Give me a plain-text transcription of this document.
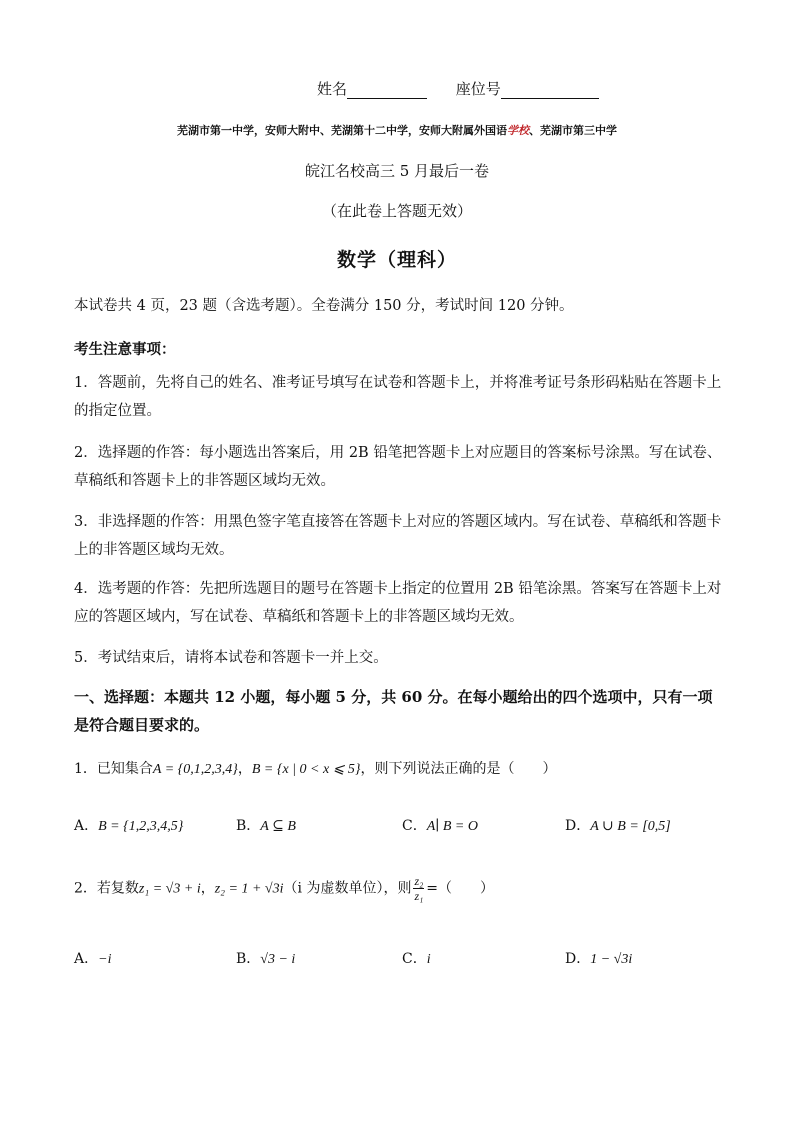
姓名	座位号
芜湖市第一中学，安师大附中、芜湖第十二中学，安师大附属外国语学校、芜湖市第三中学
皖江名校高三 5 月最后一卷
（在此卷上答题无效）
数学（理科）
本试卷共 4 页，23 题（含选考题）。全卷满分 150 分，考试时间 120 分钟。
考生注意事项：
1．答题前，先将自己的姓名、准考证号填写在试卷和答题卡上，并将准考证号条形码粘贴在答题卡上的指定位置。
2．选择题的作答：每小题选出答案后，用 2B 铅笔把答题卡上对应题目的答案标号涂黑。写在试卷、草稿纸和答题卡上的非答题区域均无效。
3．非选择题的作答：用黑色签字笔直接答在答题卡上对应的答题区域内。写在试卷、草稿纸和答题卡上的非答题区域均无效。
4．选考题的作答：先把所选题目的题号在答题卡上指定的位置用 2B 铅笔涂黑。答案写在答题卡上对应的答题区域内，写在试卷、草稿纸和答题卡上的非答题区域均无效。
5．考试结束后，请将本试卷和答题卡一并上交。
一、选择题：本题共 12 小题，每小题 5 分，共 60 分。在每小题给出的四个选项中，只有一项是符合题目要求的。
1．已知集合A = {0,1,2,3,4}，B = {x | 0 < x ⩽ 5}，则下列说法正确的是（　　）
A．B = {1,2,3,4,5}	B．A ⊆ B	C．A∣ B = O	D．A ∪ B = [0,5]
2．若复数z₁ = √3 + i，z₂ = 1 + √3i（i 为虚数单位），则 $\frac{\text{z₂}}{\text{z₁}}$ =（　　）
A．−i	B．√3 − i	C．i	D．1 − √3i
